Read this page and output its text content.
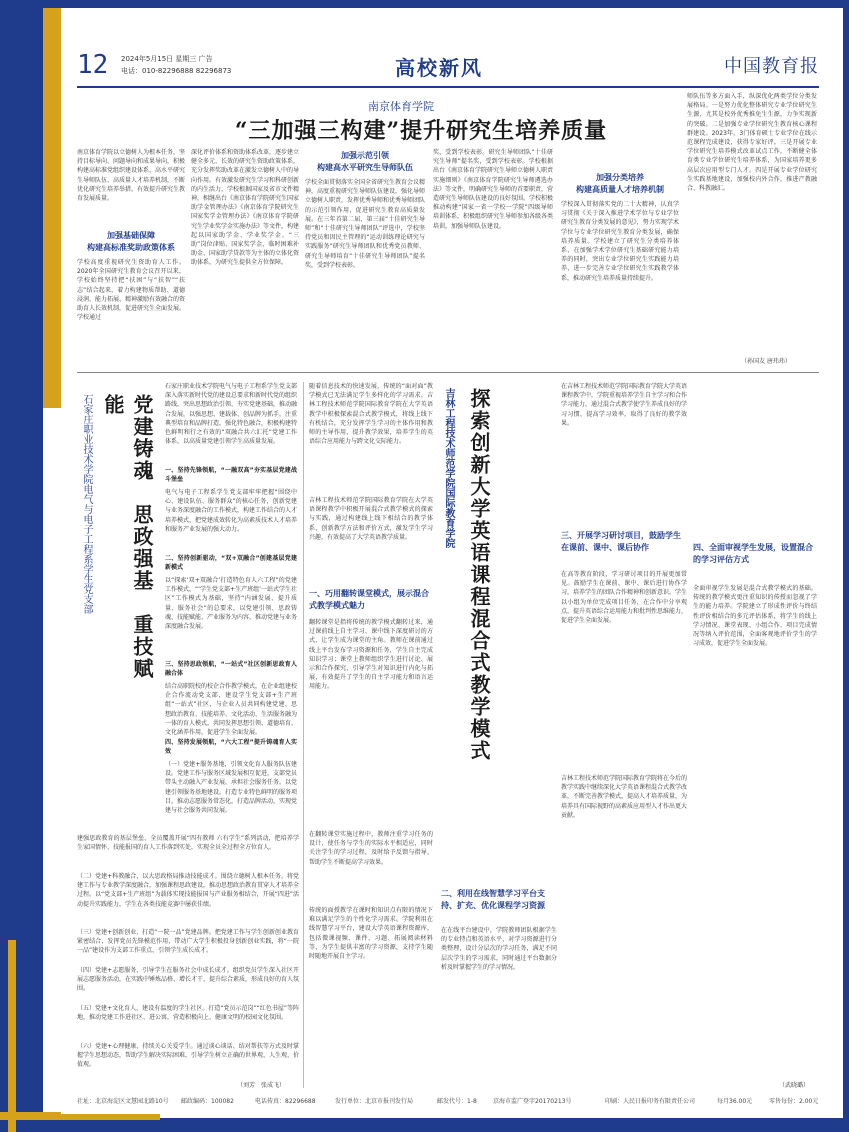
12 2024年5月15日 星期三 广告
电话：010-82296888 82296873	高校新风	中国教育报
南京体育学院
“三加强三构建”提升研究生培养质量
南京体育学院以立德树人为根本任务，坚持目标导向、问题导向和成果导向，积极构建高标准党组织建设体系、高水平研究生导师队伍、高质量人才培养机制，不断优化研究生培养举措，有效提升研究生教育发展质量。
加强基础保障
构建高标准奖助政策体系
学校高度重视研究生资助育人工作。2020年全国研究生教育会议召开以来，学校始终坚持把“扶困”与“扶智”“扶志”结合起来，着力构建物质帮助、道德浸润、能力拓展、精神激励有效融合的资助育人长效机制，促进研究生全面发展。学校通过
深化评价体系和资助体系改革，逐步建立健全多元、长效的研究生资助政策体系，充分发挥奖助改革在激发立德树人中的导向作用。有效激发研究生学习和科研创新的内生活力，学校根据国家及省市文件精神，相继出台《南京体育学院研究生国家助学金管理办法》《南京体育学院研究生国家奖学金管理办法》《南京体育学院研究生学业奖学金实施办法》等文件，构建起以国家助学金、学业奖学金、“三助”岗位津贴、国家奖学金、临时困难补助金、国家助学贷款等为主体的立体化资助体系，为研究生提供全方位保障。
加强示范引领
构建高水平研究生导师队伍
学校全面贯彻落实全国全省研究生教育会议精神，高度重视研究生导师队伍建设，强化导师立德树人职责，发挥优秀导师和优秀导师团队的示范引领作用，促进研究生教育高质量发展。在三年首第二届、第三届“十佳研究生导师”和“十佳研究生导师团队”评选中，学校坚持党员和因民主管理的“运动训练理论研究与实践服务”研究生导师团队和优秀党员教师、研究生导师培育“十佳研究生导师团队”提名奖，受到学校表彰。
奖，受到学校表彰。研究生导师团队“十佳研究生导师”提名奖，受到学校表彰。学校根据出台《南京体育学院研究生导师立德树人职责实施细则》《南京体育学院研究生导师遴选办法》等文件，明确研究生导师的首要职责，营造研究生导师队伍建设的良好氛围。学校积极推动构建“国家一省一学校一学院”四级导师培训体系，积极组织研究生导师参加各级各类培训，加强导师队伍建设。
加强分类培养
构建高质量人才培养机制
学校深入贯彻落实党的二十大精神，认真学习贯彻《关于深入推进学术学位与专业学位研究生教育分类发展的意见》，努力实现学术学位与专业学位研究生教育分类发展，确保培养质量。学校建立了研究生分类培养体系，在加强学术学位研究生基础研究能力培养的同时，突出专业学位研究生实践能力培养，进一步完善专业学位研究生实践教学体系，推动研究生培养质量持续提升。
师队伍等多方面入手，纵深优化两类学位分类发展格局。一是努力优化整体研究专业学位研究生生源，尤其是校外优秀推免生生源，力争实现新的突破。二是加强专业学位研究生教育核心课程群建设。2023年，3门体育硕士专业学位在线示范课程完成建设，获得专家好评。三是开展专业学位研究生培养模式改革试点工作，不断健全体育类专业学位研究生培养体系，为国家培养更多高层次应用型专门人才。四是开展专业学位研究生实践基地建设，加强校内外合作，推进产教融合、科教融汇。
（孙国友 唐玮玮）
石家庄职业技术学院电气与电子工程系学生党支部	党建铸魂　思政强基　重技赋能
石家庄职业技术学院电气与电子工程系学生党支部深入落实新时代党的建设总要求和新时代党的组织路线，突出思想政治引领、夯实党建基础，推动融合发展，以强思想、建载体、创品牌为抓手，注重典型培育和品牌打造，强化特色融合，积极构建特色鲜明和行之有效的“双融合共六汇托”党建工作体系，以高质量党建引领学生高质量发展。
一、坚持先锋领航，“一融双高”夯实基层党建战斗堡垒
电气与电子工程系学生党支部牢牢把握“围绕中心、建设队伍、服务群众”的核心任务，创新党建与业务深度融合的工作模式，构建工作结合的人才培养模式，把党建成效转化为高素质技术人才培养和服务产业发展的强大动力。
二、坚持创新驱动，“双+双融合”创建基层党建新模式
以“探索‘双+双融合’打造特色育人六工程”的党建工作模式，“‘学生党支部+生产班组’一站式学生社区”工作模式为基础，坚持“内涵发展、提升质量、服务社会”的总要求，以党建引领、思政铸魂、技能赋能、产业服务为内容，推动党建与业务深度融合发展。
三、坚持思政领航，“一站式”社区创新思政育人融合体
结合高职院校的校企合作教学模式，在企业组建校企合作流动党支部，建设学生党支部+生产班组“一站式”社区，与企业人员共同构建党建、思想政治教育、技能培养、文化活动、生活服务融为一体的育人模式，共同发挥思想引领、道德培育、文化涵养作用，促进学生全面发展。
四、坚持发展领航，“六大工程”提升铸魂育人实效
（一）党建+服务基地，引领文化育人服务队伍建设。党建工作与服务区域发展相互促进，支部党员带头主动融入产业发展，承担社会服务任务。以党建引领服务基地建设。打造专业特色鲜明的服务项目，推动志愿服务常态化，打造品牌活动，实现党建与社会服务共同发展。
建强思政教育的基层堡垒，全员覆盖开展“四有教师 六有学生”系列活动，把培养学生家国情怀、技能报国的育人工作落到实处，实现全员全过程全方位育人。
（二）党建+科教融合，以大思政格局推动技能成才。围绕立德树人根本任务，将党建工作与专业教学深度融合，加强课程思政建设，推动思想政治教育贯穿人才培养全过程。以“党支部+生产班组”为载体实现技能报国与产业服务相结合，开展“四进”活动提升实践能力，学生在各类技能竞赛中屡获佳绩。
（三）党建+创新创业，打造“一院一品”党建品牌。把党建工作与学生创新创业教育紧密结合，发挥党员先锋模范作用，带动广大学生积极投身创新创业实践，将“一院一品”建设作为支部工作重点，引领学生成长成才。
（四）党建+志愿服务，引导学生在服务社会中成长成才。组织党员学生深入社区开展志愿服务活动，在实践中锤炼品格、增长才干、提升综合素质，形成良好的育人氛围。
（五）党建+文化育人，建设有温度的学生社区。打造“党员示范岗”“红色书屋”等阵地，推动党建工作进社区、进公寓，营造积极向上、健康文明的校园文化氛围。
（六）党建+心理健康，持续关心关爱学生。通过谈心谈话、结对帮扶等方式及时掌握学生思想动态，帮助学生解决实际困难，引导学生树立正确的世界观、人生观、价值观。
（刘芳　张成飞）
随着信息技术的快速发展，传统的“面对面”教学模式已无法满足学生多样化的学习需求。吉林工程技术师范学院国际教育学院在大学英语教学中积极探索混合式教学模式，将线上线下有机结合，充分发挥学生学习的主体作用和教师的主导作用，提升教学效果，培养学生的英语综合应用能力与跨文化交际能力。
吉林工程技术师范学院国际教育学院在大学英语课程教学中积极开展混合式教学模式的探索与实践，通过构建线上线下相结合的教学体系，创新教学方法和评价方式，激发学生学习兴趣，有效提高了大学英语教学质量。
一、巧用翻转课堂模式，展示混合式教学模式魅力
翻转课堂是指将传统的教学模式翻转过来，通过课前线上自主学习、课中线下深度研讨的方式，让学生成为课堂的主角。教师在课前通过线上平台发布学习资源和任务，学生自主完成知识学习；课堂上教师组织学生进行讨论、展示和合作探究，引导学生对知识进行内化与拓展，有效提升了学生的自主学习能力和语言运用能力。
在翻转课堂实施过程中，教师注重学习任务的设计，使任务与学生的实际水平相适应，同时关注学生的学习过程，及时给予反馈与指导，帮助学生不断提高学习效果。
传统的面授教学在课时和知识点有限的情况下难以满足学生的个性化学习需求。学院利用在线智慧学习平台，建设大学英语课程资源库，包括微课视频、课件、习题、拓展阅读材料等，为学生提供丰富的学习资源，支持学生随时随地开展自主学习。
吉林工程技术师范学院国际教育学院 探索创新大学英语课程混合式教学模式
二、利用在线智慧学习平台支持、扩充、优化课程学习资源
在在线平台建设中，学院教师团队根据学生的专业特点和英语水平，对学习资源进行分类整理，设计分层次的学习任务，满足不同层次学生的学习需求，同时通过平台数据分析及时掌握学生的学习情况。
在吉林工程技术师范学院国际教育学院大学英语课程教学中，学院重视培养学生自主学习和合作学习能力，通过混合式教学使学生养成良好的学习习惯，提高学习效率，取得了良好的教学效果。
三、开展学习研讨项目，鼓励学生在课前、课中、课后协作
在高等教育阶段，学习研讨项目的开展更加常见。鼓励学生在课前、课中、课后进行协作学习，培养学生的团队合作精神和创新意识。学生以小组为单位完成项目任务，在合作中分享观点，提升英语综合运用能力和批判性思维能力，促进学生全面发展。
吉林工程技术师范学院国际教育学院将在今后的教学实践中继续深化大学英语课程混合式教学改革，不断完善教学模式，提高人才培养质量，为培养具有国际视野的高素质应用型人才作出更大贡献。
四、全面审视学生发展，设置混合的学习评估方式
全面审视学生发展是混合式教学模式的基础。传统的教学模式更注重知识的传授而忽视了学生的能力培养。学院建立了形成性评价与终结性评价相结合的多元评估体系，将学生的线上学习情况、课堂表现、小组合作、项目完成情况等纳入评价范围，全面客观地评价学生的学习成效，促进学生全面发展。
（武晓璐）
社址：北京海淀区文慧园北路10号 邮政编码：100082	电话传真：82296688	发行单位：北京市报刊发行局	邮发代号：1-8	京海市监广登字20170213号	印刷：人民日报印务有限责任公司	每月36.00元	零售每份：2.00元
